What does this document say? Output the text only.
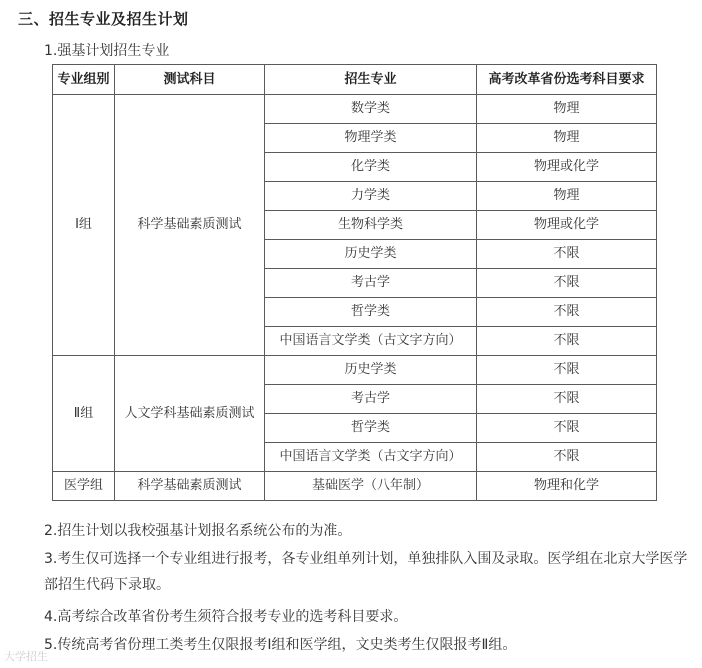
三、招生专业及招生计划
1.强基计划招生专业
专业组别	测试科目	招生专业	高考改革省份选考科目要求
Ⅰ组	科学基础素质测试	数学类	物理
		物理学类	物理
		化学类	物理或化学
		力学类	物理
		生物科学类	物理或化学
		历史学类	不限
		考古学	不限
		哲学类	不限
		中国语言文学类（古文字方向）	不限
Ⅱ组	人文学科基础素质测试	历史学类	不限
		考古学	不限
		哲学类	不限
		中国语言文学类（古文字方向）	不限
医学组	科学基础素质测试	基础医学（八年制）	物理和化学
2.招生计划以我校强基计划报名系统公布的为准。
3.考生仅可选择一个专业组进行报考，各专业组单列计划，单独排队入围及录取。医学组在北京大学医学部招生代码下录取。
4.高考综合改革省份考生须符合报考专业的选考科目要求。
5.传统高考省份理工类考生仅限报考Ⅰ组和医学组，文史类考生仅限报考Ⅱ组。
大学招生
